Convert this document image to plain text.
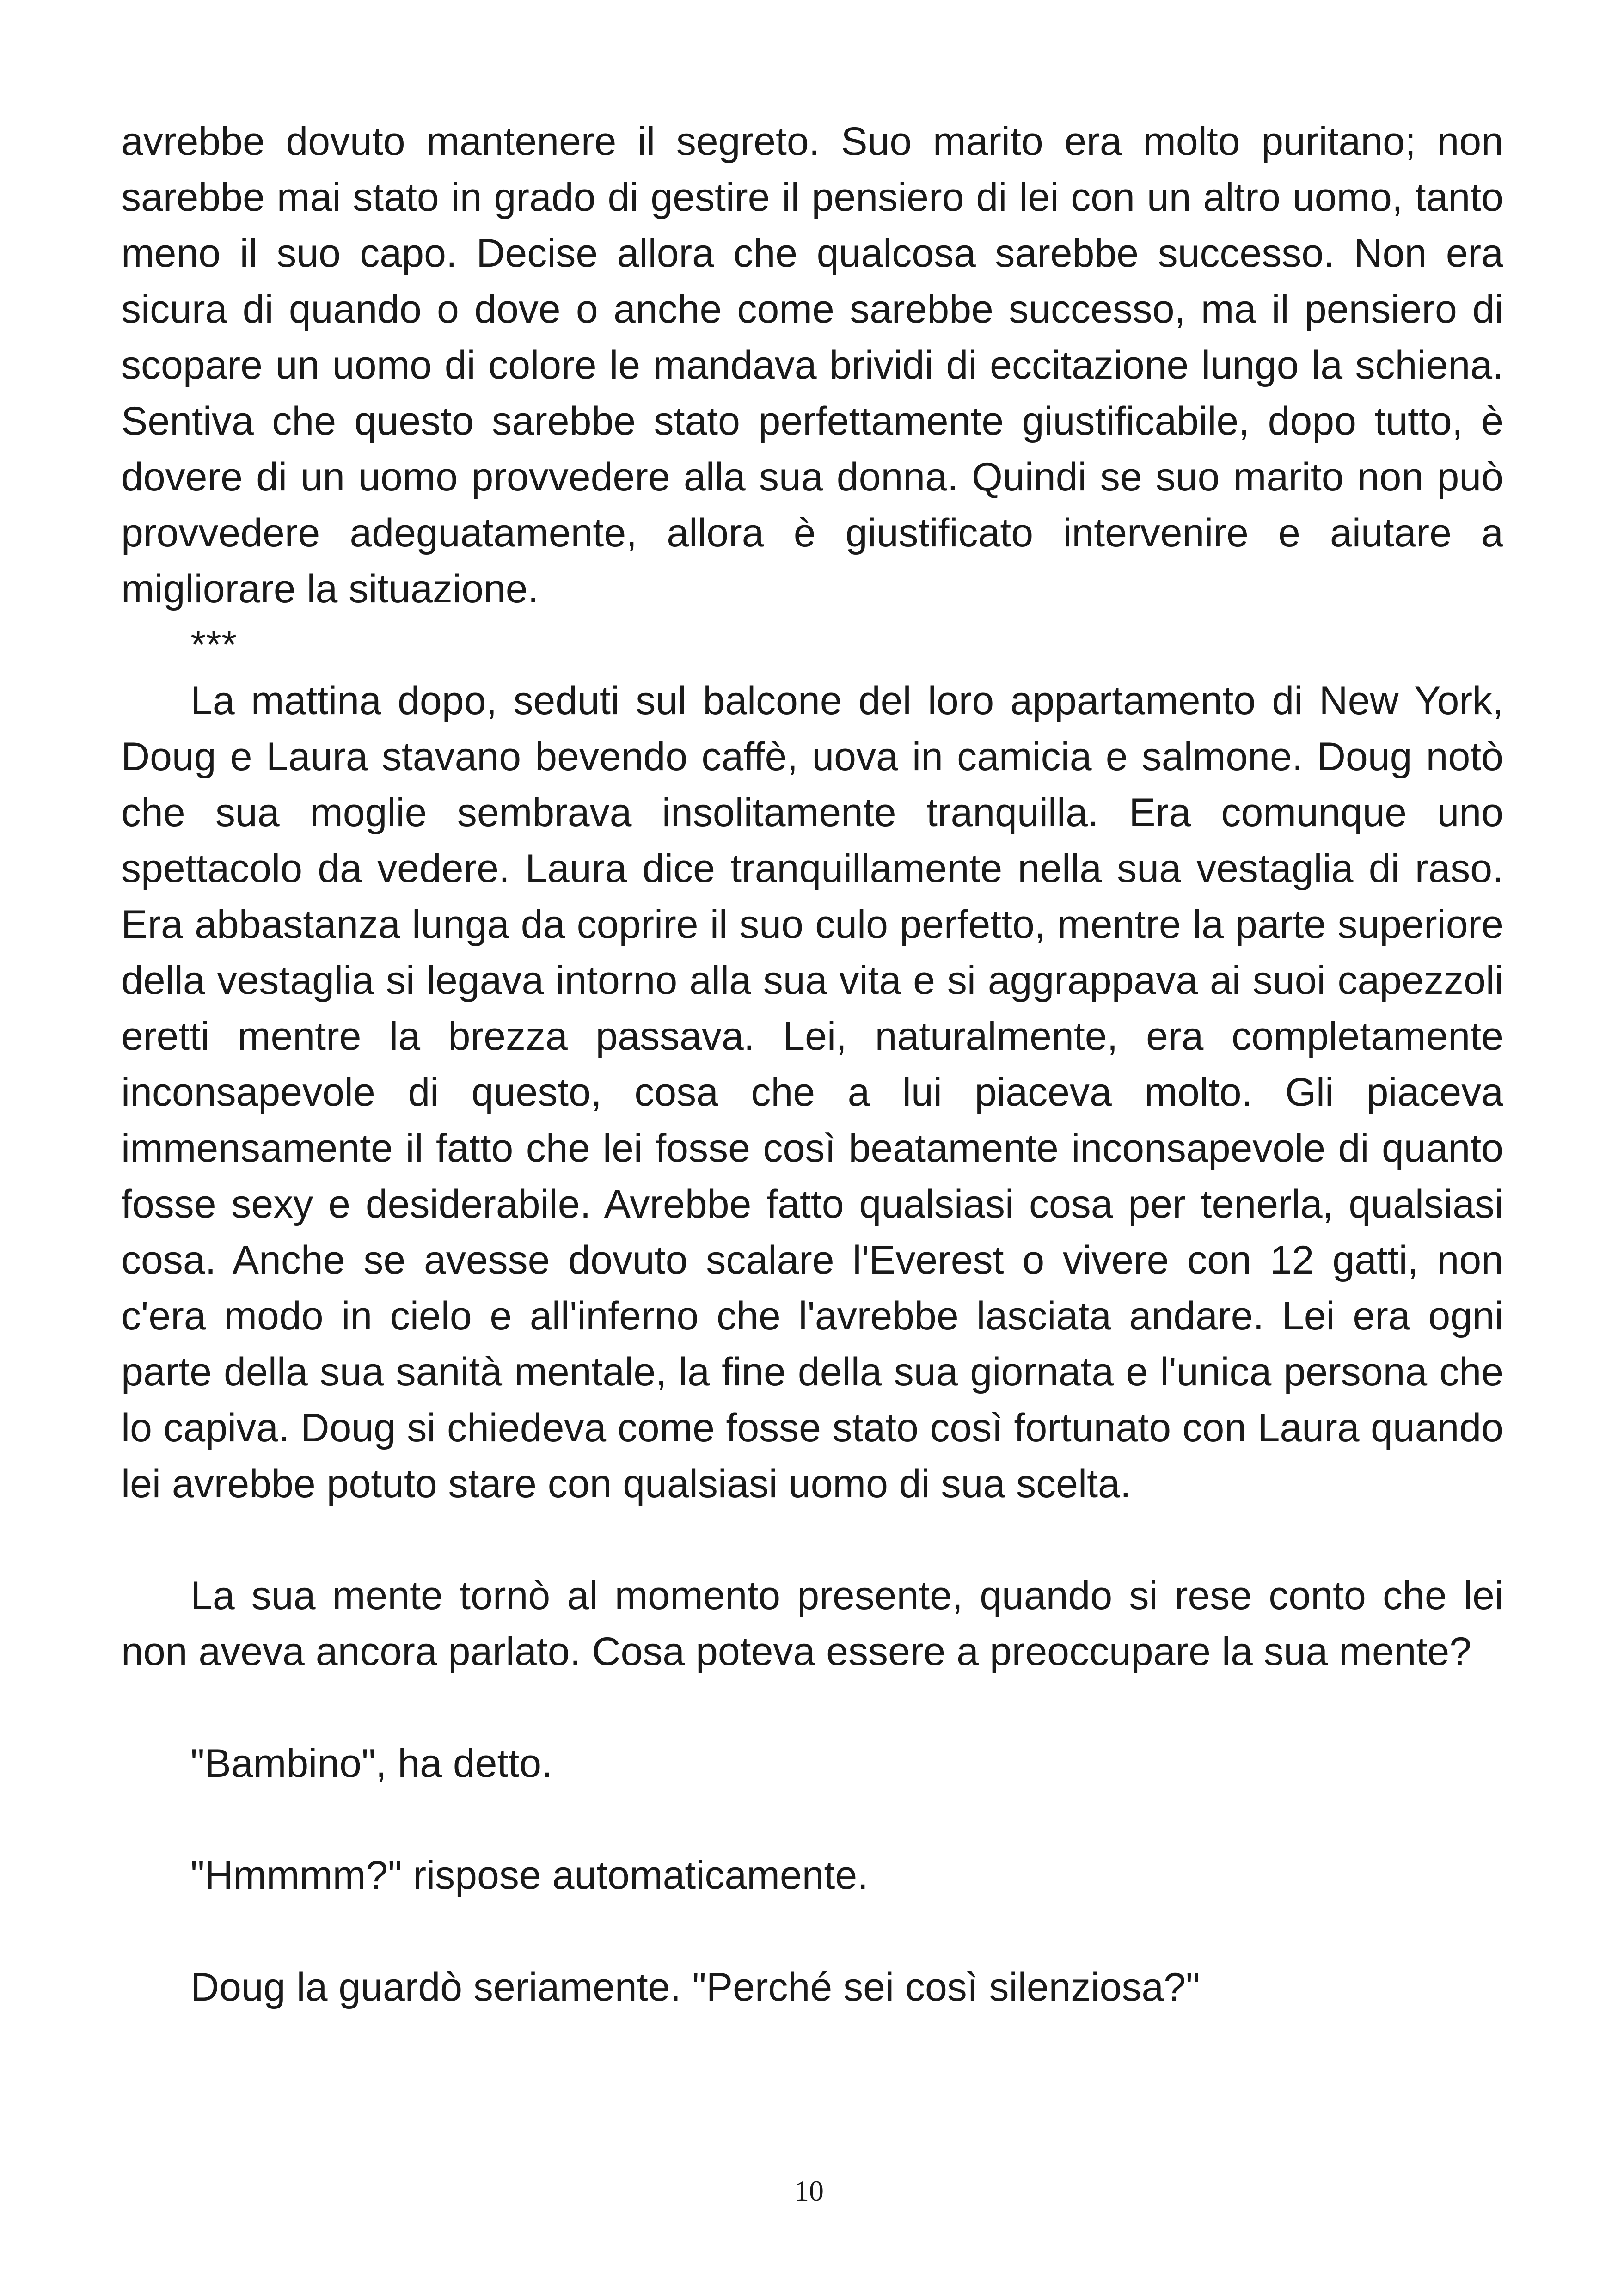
avrebbe dovuto mantenere il segreto. Suo marito era molto puritano; non sarebbe mai stato in grado di gestire il pensiero di lei con un altro uomo, tanto meno il suo capo. Decise allora che qualcosa sarebbe successo. Non era sicura di quando o dove o anche come sarebbe successo, ma il pensiero di scopare un uomo di colore le mandava brividi di eccitazione lungo la schiena. Sentiva che questo sarebbe stato perfettamente giustificabile, dopo tutto, è dovere di un uomo provvedere alla sua donna. Quindi se suo marito non può provvedere adeguatamente, allora è giustificato intervenire e aiutare a migliorare la situazione.

***

La mattina dopo, seduti sul balcone del loro appartamento di New York, Doug e Laura stavano bevendo caffè, uova in camicia e salmone. Doug notò che sua moglie sembrava insolitamente tranquilla. Era comunque uno spettacolo da vedere. Laura dice tranquillamente nella sua vestaglia di raso. Era abbastanza lunga da coprire il suo culo perfetto, mentre la parte superiore della vestaglia si legava intorno alla sua vita e si aggrappava ai suoi capezzoli eretti mentre la brezza passava. Lei, naturalmente, era completamente inconsapevole di questo, cosa che a lui piaceva molto. Gli piaceva immensamente il fatto che lei fosse così beatamente inconsapevole di quanto fosse sexy e desiderabile. Avrebbe fatto qualsiasi cosa per tenerla, qualsiasi cosa. Anche se avesse dovuto scalare l'Everest o vivere con 12 gatti, non c'era modo in cielo e all'inferno che l'avrebbe lasciata andare. Lei era ogni parte della sua sanità mentale, la fine della sua giornata e l'unica persona che lo capiva. Doug si chiedeva come fosse stato così fortunato con Laura quando lei avrebbe potuto stare con qualsiasi uomo di sua scelta.

La sua mente tornò al momento presente, quando si rese conto che lei non aveva ancora parlato. Cosa poteva essere a preoccupare la sua mente?

"Bambino", ha detto.

"Hmmmm?" rispose automaticamente.

Doug la guardò seriamente. "Perché sei così silenziosa?"

10
